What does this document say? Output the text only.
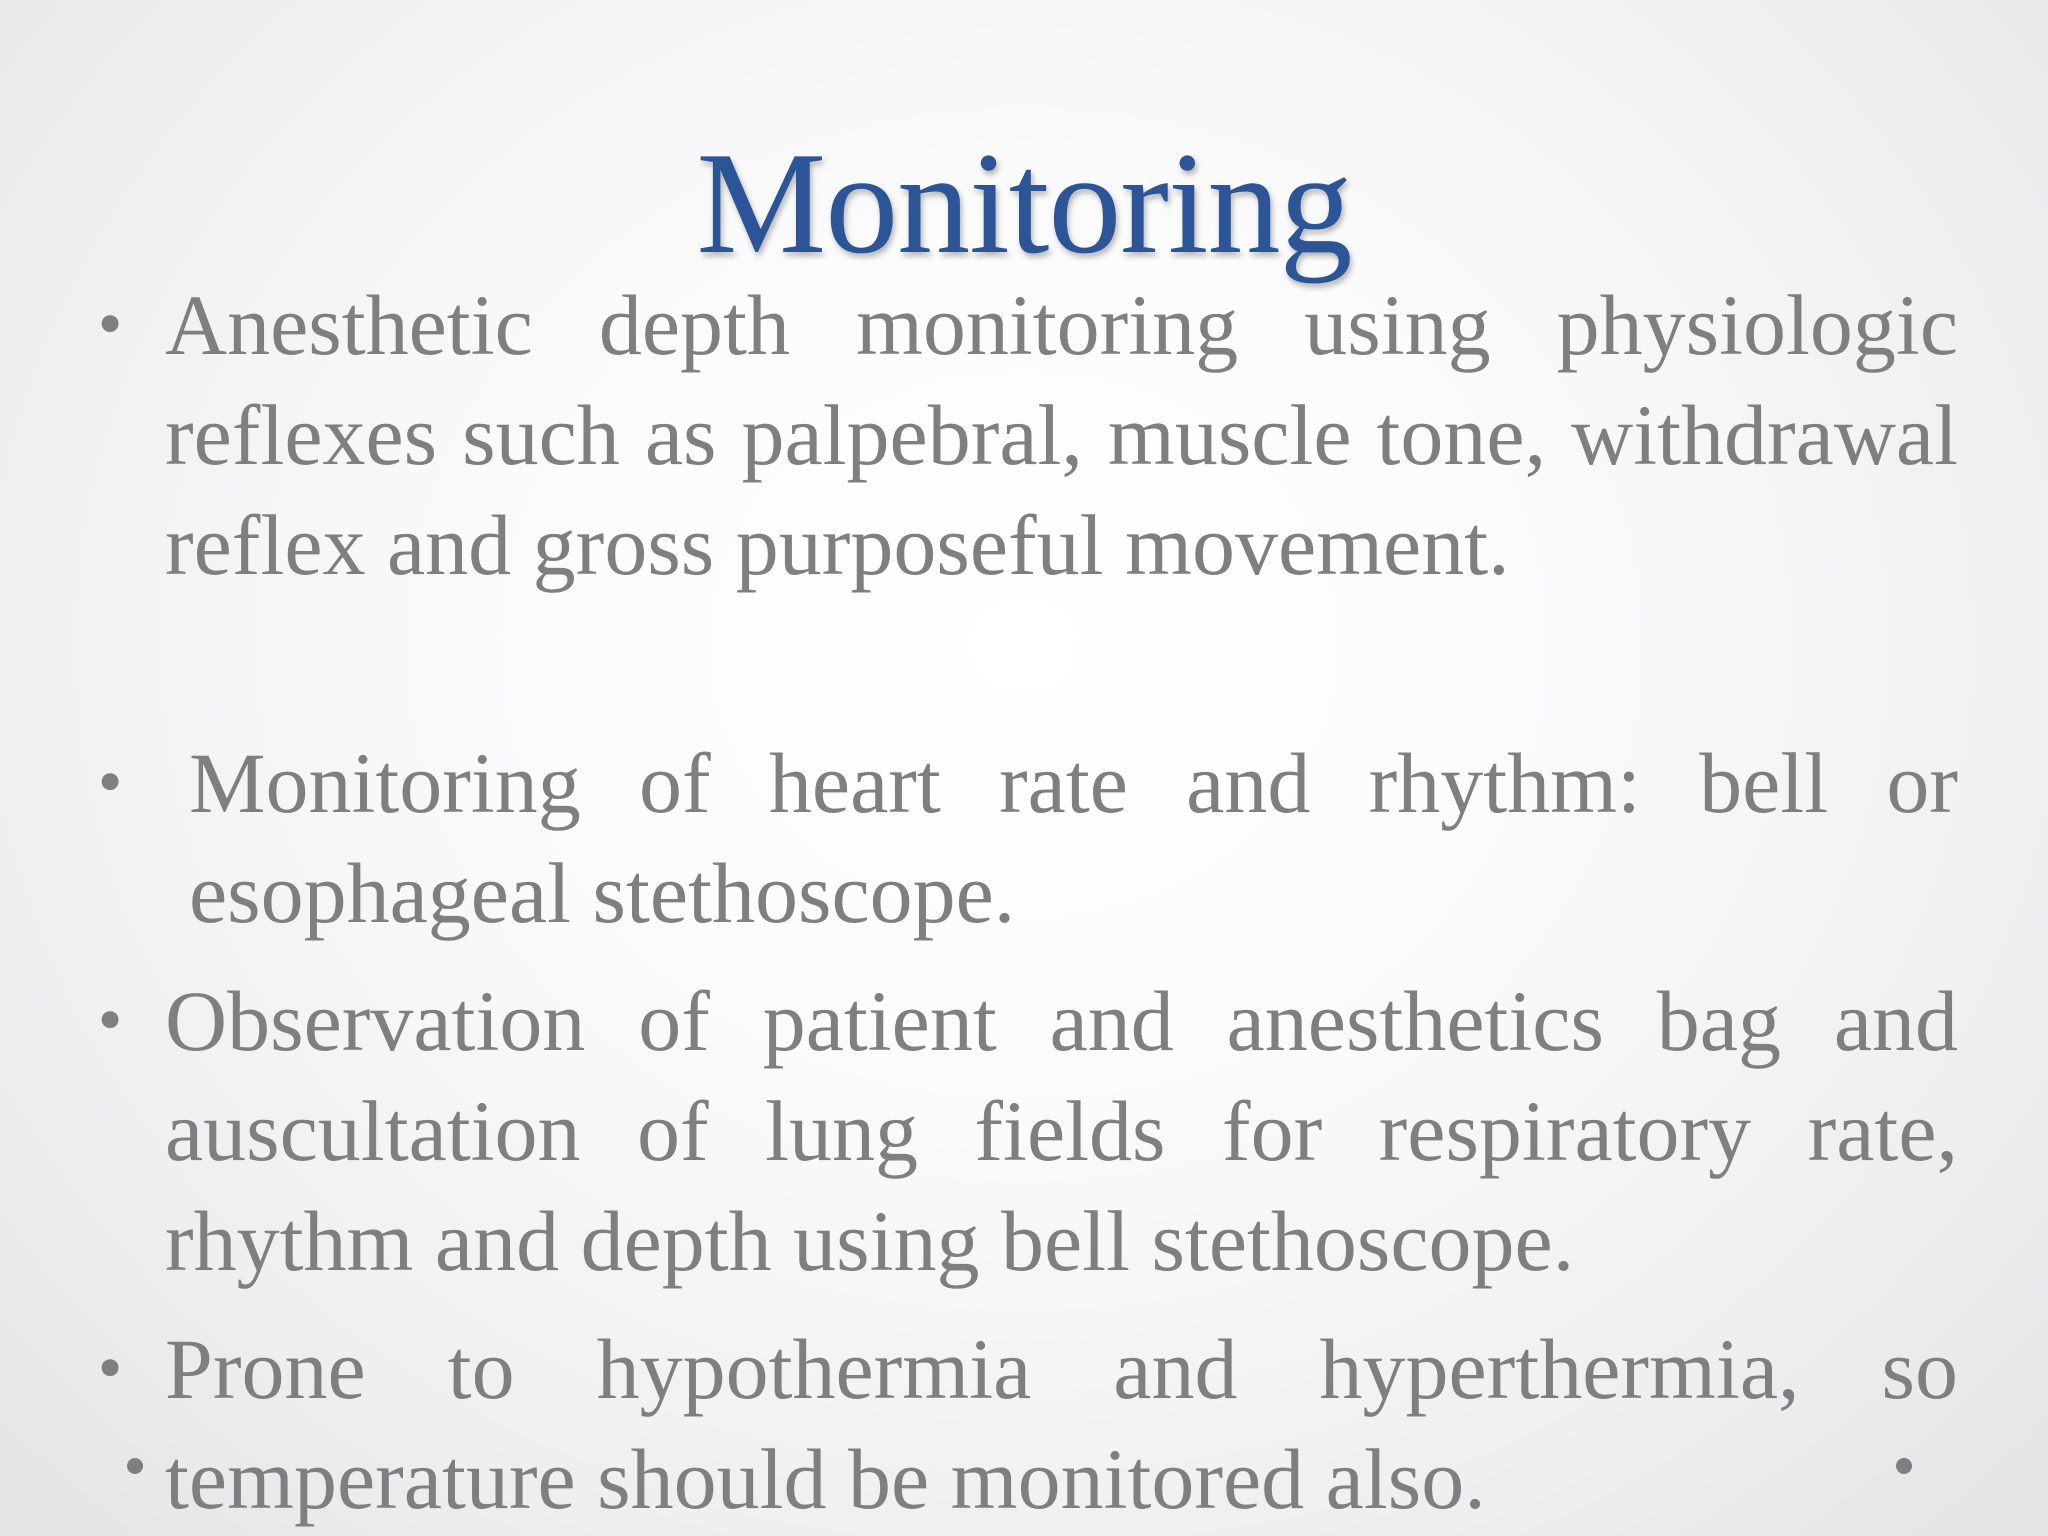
Monitoring
• Anesthetic depth monitoring using physiologic reflexes such as palpebral, muscle tone, withdrawal reflex and gross purposeful movement.
• Monitoring of heart rate and rhythm: bell or esophageal stethoscope.
• Observation of patient and anesthetics bag and auscultation of lung fields for respiratory rate, rhythm and depth using bell stethoscope.
• Prone to hypothermia and hyperthermia, so temperature should be monitored also.
